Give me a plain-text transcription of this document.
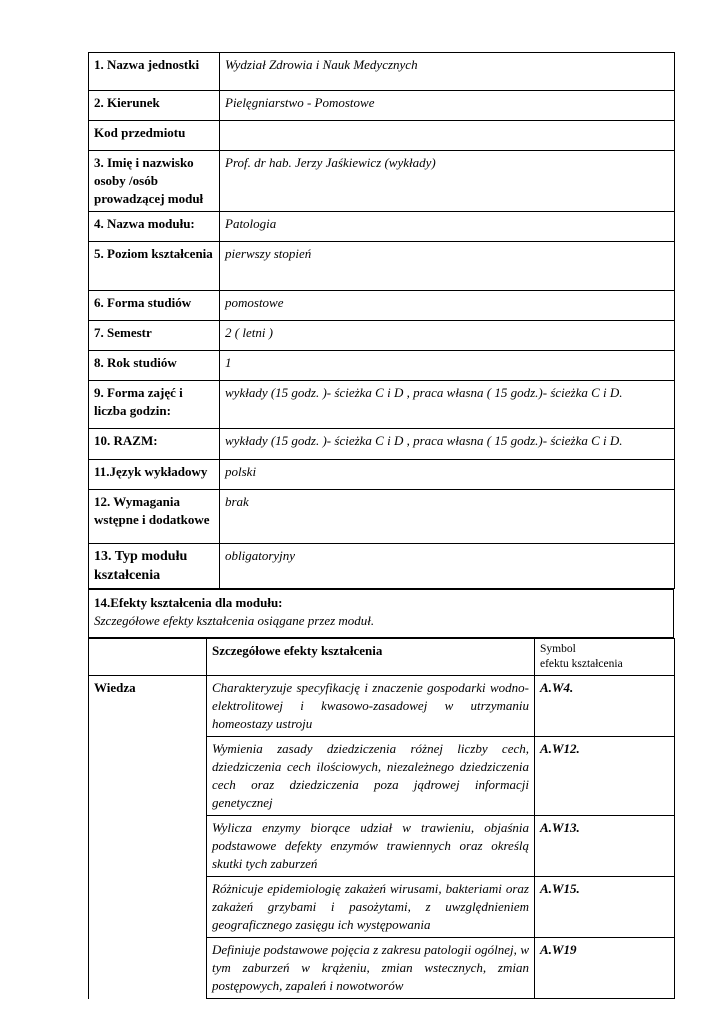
1. Nazwa jednostki	Wydział Zdrowia i Nauk Medycznych
2. Kierunek	Pielęgniarstwo - Pomostowe
Kod przedmiotu	
3. Imię i nazwisko osoby /osób prowadzącej moduł	Prof. dr hab. Jerzy Jaśkiewicz (wykłady)
4. Nazwa modułu:	Patologia
5. Poziom kształcenia	pierwszy stopień
6. Forma studiów	pomostowe
7. Semestr	2 ( letni )
8. Rok studiów	1
9. Forma zajęć i liczba godzin:	wykłady (15 godz. )- ścieżka C i D , praca własna ( 15 godz.)- ścieżka C i D.
10. RAZM:	wykłady (15 godz. )- ścieżka C i D , praca własna ( 15 godz.)- ścieżka C i D.
11.Język wykładowy	polski
12. Wymagania wstępne i dodatkowe	brak
13. Typ modułu kształcenia	obligatoryjny
14.Efekty kształcenia dla modułu:
Szczegółowe efekty kształcenia osiągane przez moduł.
	Szczegółowe efekty kształcenia	Symbol
efektu kształcenia

Wiedza	Charakteryzuje specyfikację i znaczenie gospodarki wodno-elektrolitowej i kwasowo-zasadowej w utrzymaniu homeostazy ustroju	A.W4.
	Wymienia zasady dziedziczenia różnej liczby cech, dziedziczenia cech ilościowych, niezależnego dziedziczenia cech oraz dziedziczenia poza jądrowej informacji genetycznej	A.W12.
	Wylicza enzymy biorące udział w trawieniu, objaśnia podstawowe defekty enzymów trawiennych oraz określą skutki tych zaburzeń	A.W13.
	Różnicuje epidemiologię zakażeń wirusami, bakteriami oraz zakażeń grzybami i pasożytami, z uwzględnieniem geograficznego zasięgu ich występowania	A.W15.
	Definiuje podstawowe pojęcia z zakresu patologii ogólnej, w tym zaburzeń w krążeniu, zmian wstecznych, zmian postępowych, zapaleń i nowotworów	A.W19
